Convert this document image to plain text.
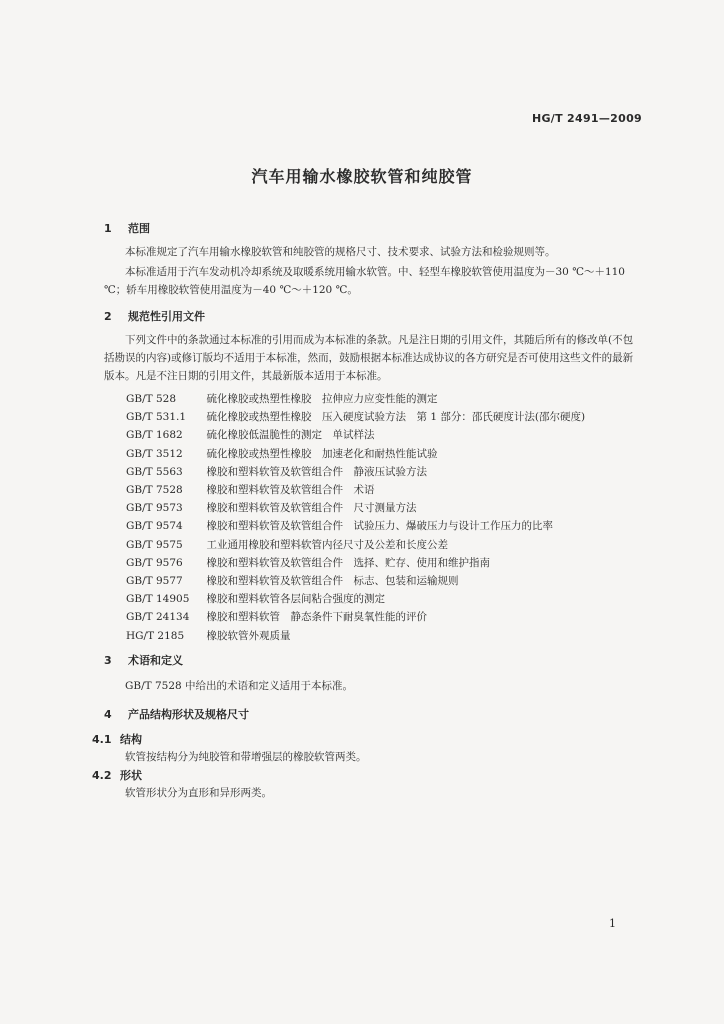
HG/T 2491—2009
汽车用输水橡胶软管和纯胶管
1 范围
本标准规定了汽车用输水橡胶软管和纯胶管的规格尺寸、技术要求、试验方法和检验规则等。
本标准适用于汽车发动机冷却系统及取暖系统用输水软管。中、轻型车橡胶软管使用温度为－30 ℃～＋110 ℃；轿车用橡胶软管使用温度为－40 ℃～＋120 ℃。
2 规范性引用文件
下列文件中的条款通过本标准的引用而成为本标准的条款。凡是注日期的引用文件，其随后所有的修改单(不包括勘误的内容)或修订版均不适用于本标准，然而，鼓励根据本标准达成协议的各方研究是否可使用这些文件的最新版本。凡是不注日期的引用文件，其最新版本适用于本标准。
GB/T 528　	硫化橡胶或热塑性橡胶　拉伸应力应变性能的测定
GB/T 531.1　 硫化橡胶或热塑性橡胶　压入硬度试验方法　第 1 部分：邵氏硬度计法(邵尔硬度)
GB/T 1682　 硫化橡胶低温脆性的测定　单试样法
GB/T 3512　 硫化橡胶或热塑性橡胶　加速老化和耐热性能试验
GB/T 5563　 橡胶和塑料软管及软管组合件　静液压试验方法
GB/T 7528　 橡胶和塑料软管及软管组合件　术语
GB/T 9573　 橡胶和塑料软管及软管组合件　尺寸测量方法
GB/T 9574　 橡胶和塑料软管及软管组合件　试验压力、爆破压力与设计工作压力的比率
GB/T 9575　 工业通用橡胶和塑料软管内径尺寸及公差和长度公差
GB/T 9576　 橡胶和塑料软管及软管组合件　选择、贮存、使用和维护指南
GB/T 9577　 橡胶和塑料软管及软管组合件　标志、包装和运输规则
GB/T 14905　 橡胶和塑料软管各层间粘合强度的测定
GB/T 24134　 橡胶和塑料软管　静态条件下耐臭氧性能的评价
HG/T 2185　 橡胶软管外观质量
3 术语和定义
GB/T 7528 中给出的术语和定义适用于本标准。
4 产品结构形状及规格尺寸
4.1 结构
软管按结构分为纯胶管和带增强层的橡胶软管两类。
4.2 形状
软管形状分为直形和异形两类。
1
